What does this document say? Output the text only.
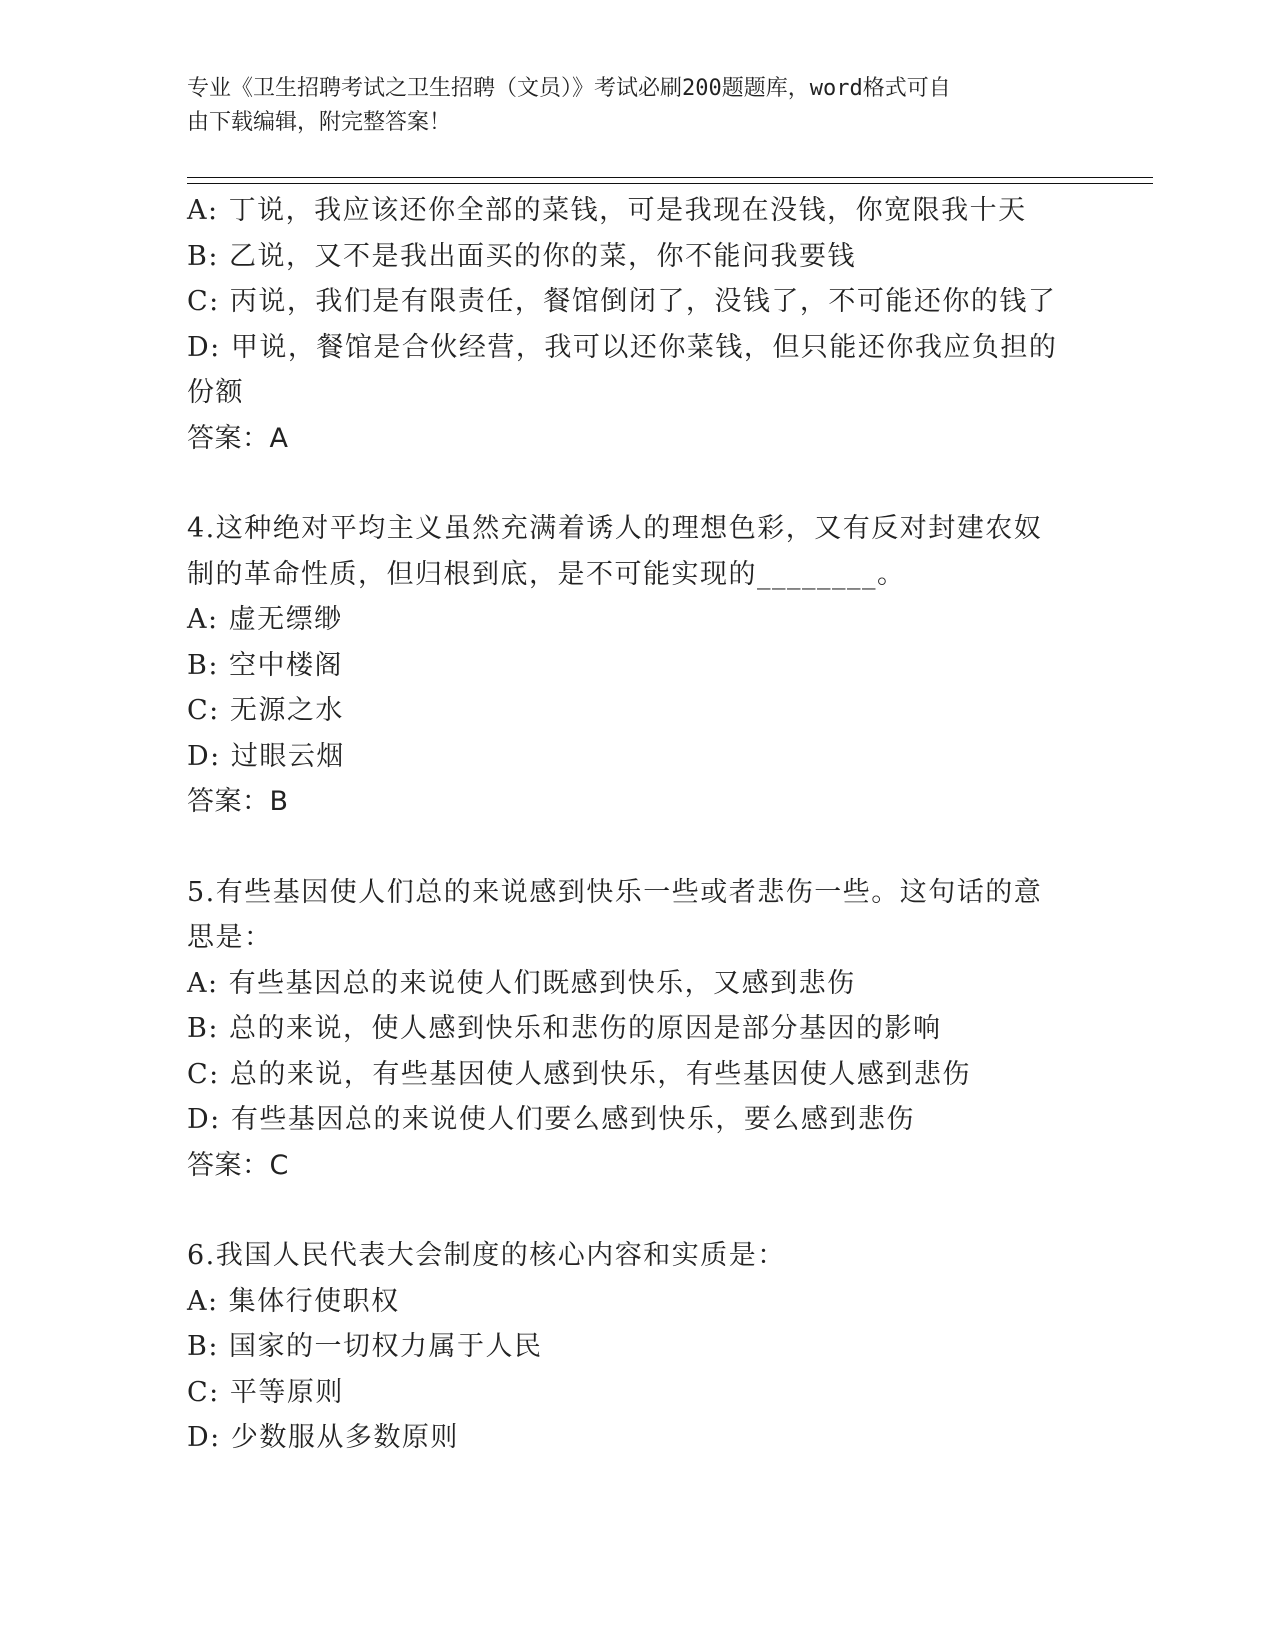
专业《卫生招聘考试之卫生招聘（文员）》考试必刷200题题库，word格式可自
由下载编辑，附完整答案！
A: 丁说，我应该还你全部的菜钱，可是我现在没钱，你宽限我十天
B: 乙说，又不是我出面买的你的菜，你不能问我要钱
C: 丙说，我们是有限责任，餐馆倒闭了，没钱了，不可能还你的钱了
D: 甲说，餐馆是合伙经营，我可以还你菜钱，但只能还你我应负担的
份额
答案：A
4.这种绝对平均主义虽然充满着诱人的理想色彩，又有反对封建农奴
制的革命性质，但归根到底，是不可能实现的________。
A: 虚无缥缈
B: 空中楼阁
C: 无源之水
D: 过眼云烟
答案：B
5.有些基因使人们总的来说感到快乐一些或者悲伤一些。这句话的意
思是：
A: 有些基因总的来说使人们既感到快乐，又感到悲伤
B: 总的来说，使人感到快乐和悲伤的原因是部分基因的影响
C: 总的来说，有些基因使人感到快乐，有些基因使人感到悲伤
D: 有些基因总的来说使人们要么感到快乐，要么感到悲伤
答案：C
6.我国人民代表大会制度的核心内容和实质是：
A: 集体行使职权
B: 国家的一切权力属于人民
C: 平等原则
D: 少数服从多数原则
